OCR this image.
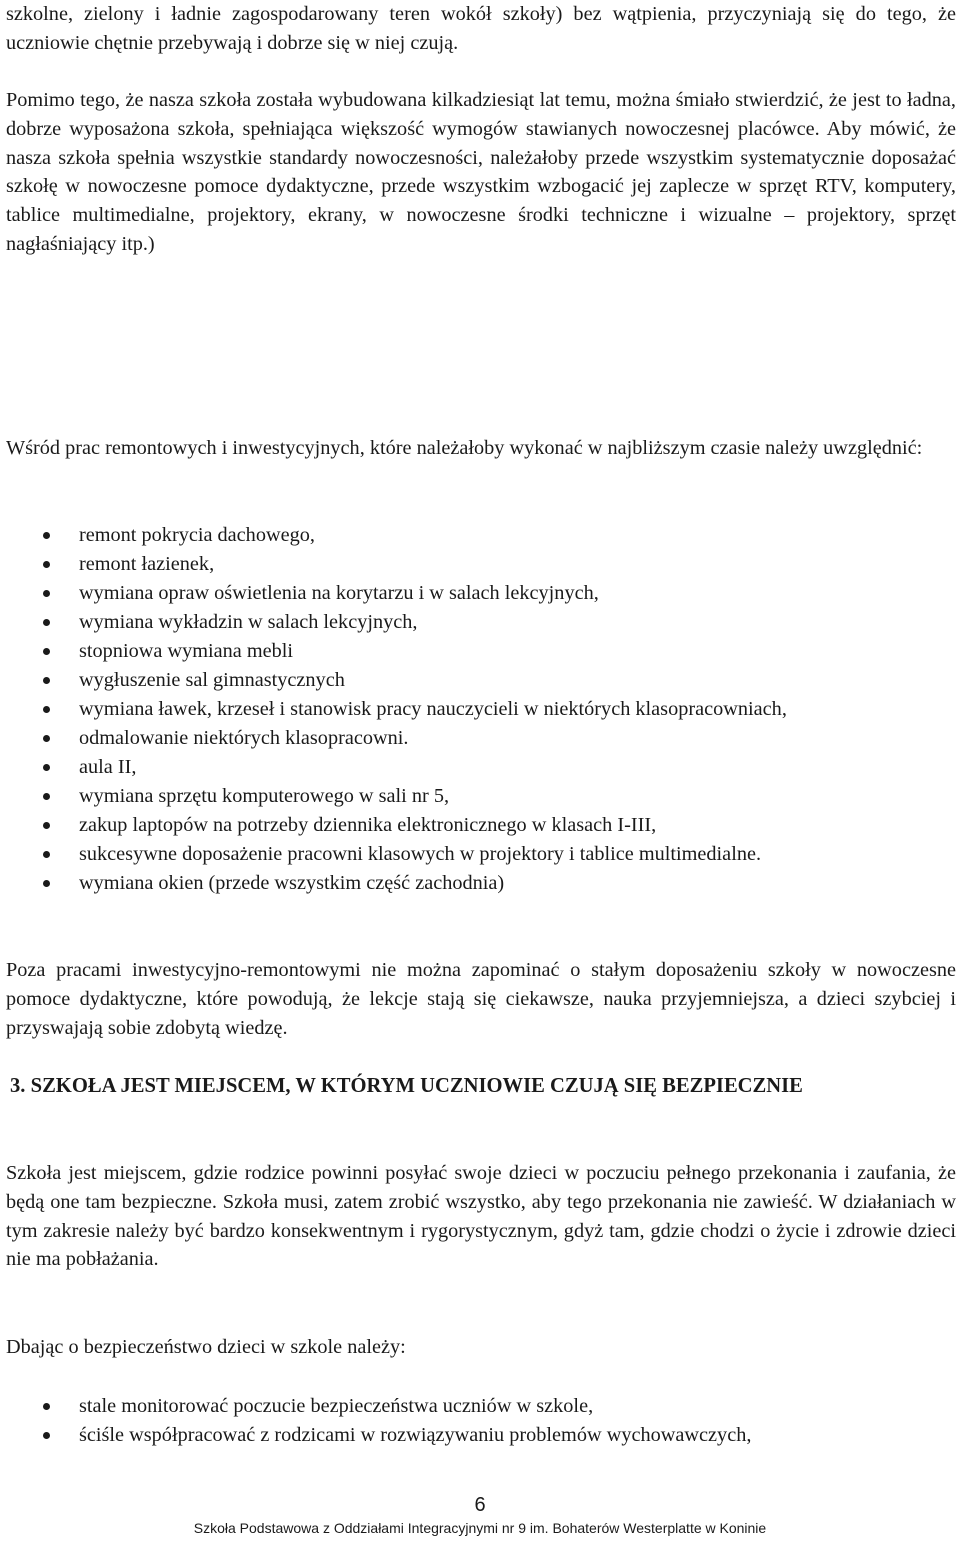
szkolne, zielony i ładnie zagospodarowany teren wokół szkoły) bez wątpienia, przyczyniają się do tego, że uczniowie chętnie przebywają i dobrze się w niej czują.

Pomimo tego, że nasza szkoła została wybudowana kilkadziesiąt lat temu, można śmiało stwierdzić, że jest to ładna, dobrze wyposażona szkoła, spełniająca większość wymogów stawianych nowoczesnej placówce. Aby mówić, że nasza szkoła spełnia wszystkie standardy nowoczesności, należałoby przede wszystkim systematycznie doposażać szkołę w nowoczesne pomoce dydaktyczne, przede wszystkim wzbogacić jej zaplecze w sprzęt RTV, komputery, tablice multimedialne, projektory, ekrany, w nowoczesne środki techniczne i wizualne – projektory, sprzęt nagłaśniający itp.)

Wśród prac remontowych i inwestycyjnych, które należałoby wykonać w najbliższym czasie należy uwzględnić:

remont pokrycia dachowego,
remont łazienek,
wymiana opraw oświetlenia na korytarzu i w salach lekcyjnych,
wymiana wykładzin w salach lekcyjnych,
stopniowa wymiana mebli
wygłuszenie sal gimnastycznych
wymiana ławek, krzeseł i stanowisk pracy nauczycieli w niektórych klasopracowniach,
odmalowanie niektórych klasopracowni.
aula II,
wymiana sprzętu komputerowego w sali nr 5,
zakup laptopów na potrzeby dziennika elektronicznego w klasach I-III,
sukcesywne doposażenie pracowni klasowych w projektory i tablice multimedialne.
wymiana okien (przede wszystkim część zachodnia)

Poza pracami inwestycyjno-remontowymi nie można zapominać o stałym doposażeniu szkoły w nowoczesne pomoce dydaktyczne, które powodują, że lekcje stają się ciekawsze, nauka przyjemniejsza, a dzieci szybciej i przyswajają sobie zdobytą wiedzę.

3. SZKOŁA JEST MIEJSCEM, W KTÓRYM UCZNIOWIE CZUJĄ SIĘ BEZPIECZNIE

Szkoła jest miejscem, gdzie rodzice powinni posyłać swoje dzieci w poczuciu pełnego przekonania i zaufania, że będą one tam bezpieczne. Szkoła musi, zatem zrobić wszystko, aby tego przekonania nie zawieść. W działaniach w tym zakresie należy być bardzo konsekwentnym i rygorystycznym, gdyż tam, gdzie chodzi o życie i zdrowie dzieci nie ma pobłażania.

Dbając o bezpieczeństwo dzieci w szkole należy:

stale monitorować poczucie bezpieczeństwa uczniów w szkole,
ściśle współpracować z rodzicami w rozwiązywaniu problemów wychowawczych,
6
Szkoła Podstawowa z Oddziałami Integracyjnymi nr 9 im. Bohaterów Westerplatte w Koninie
